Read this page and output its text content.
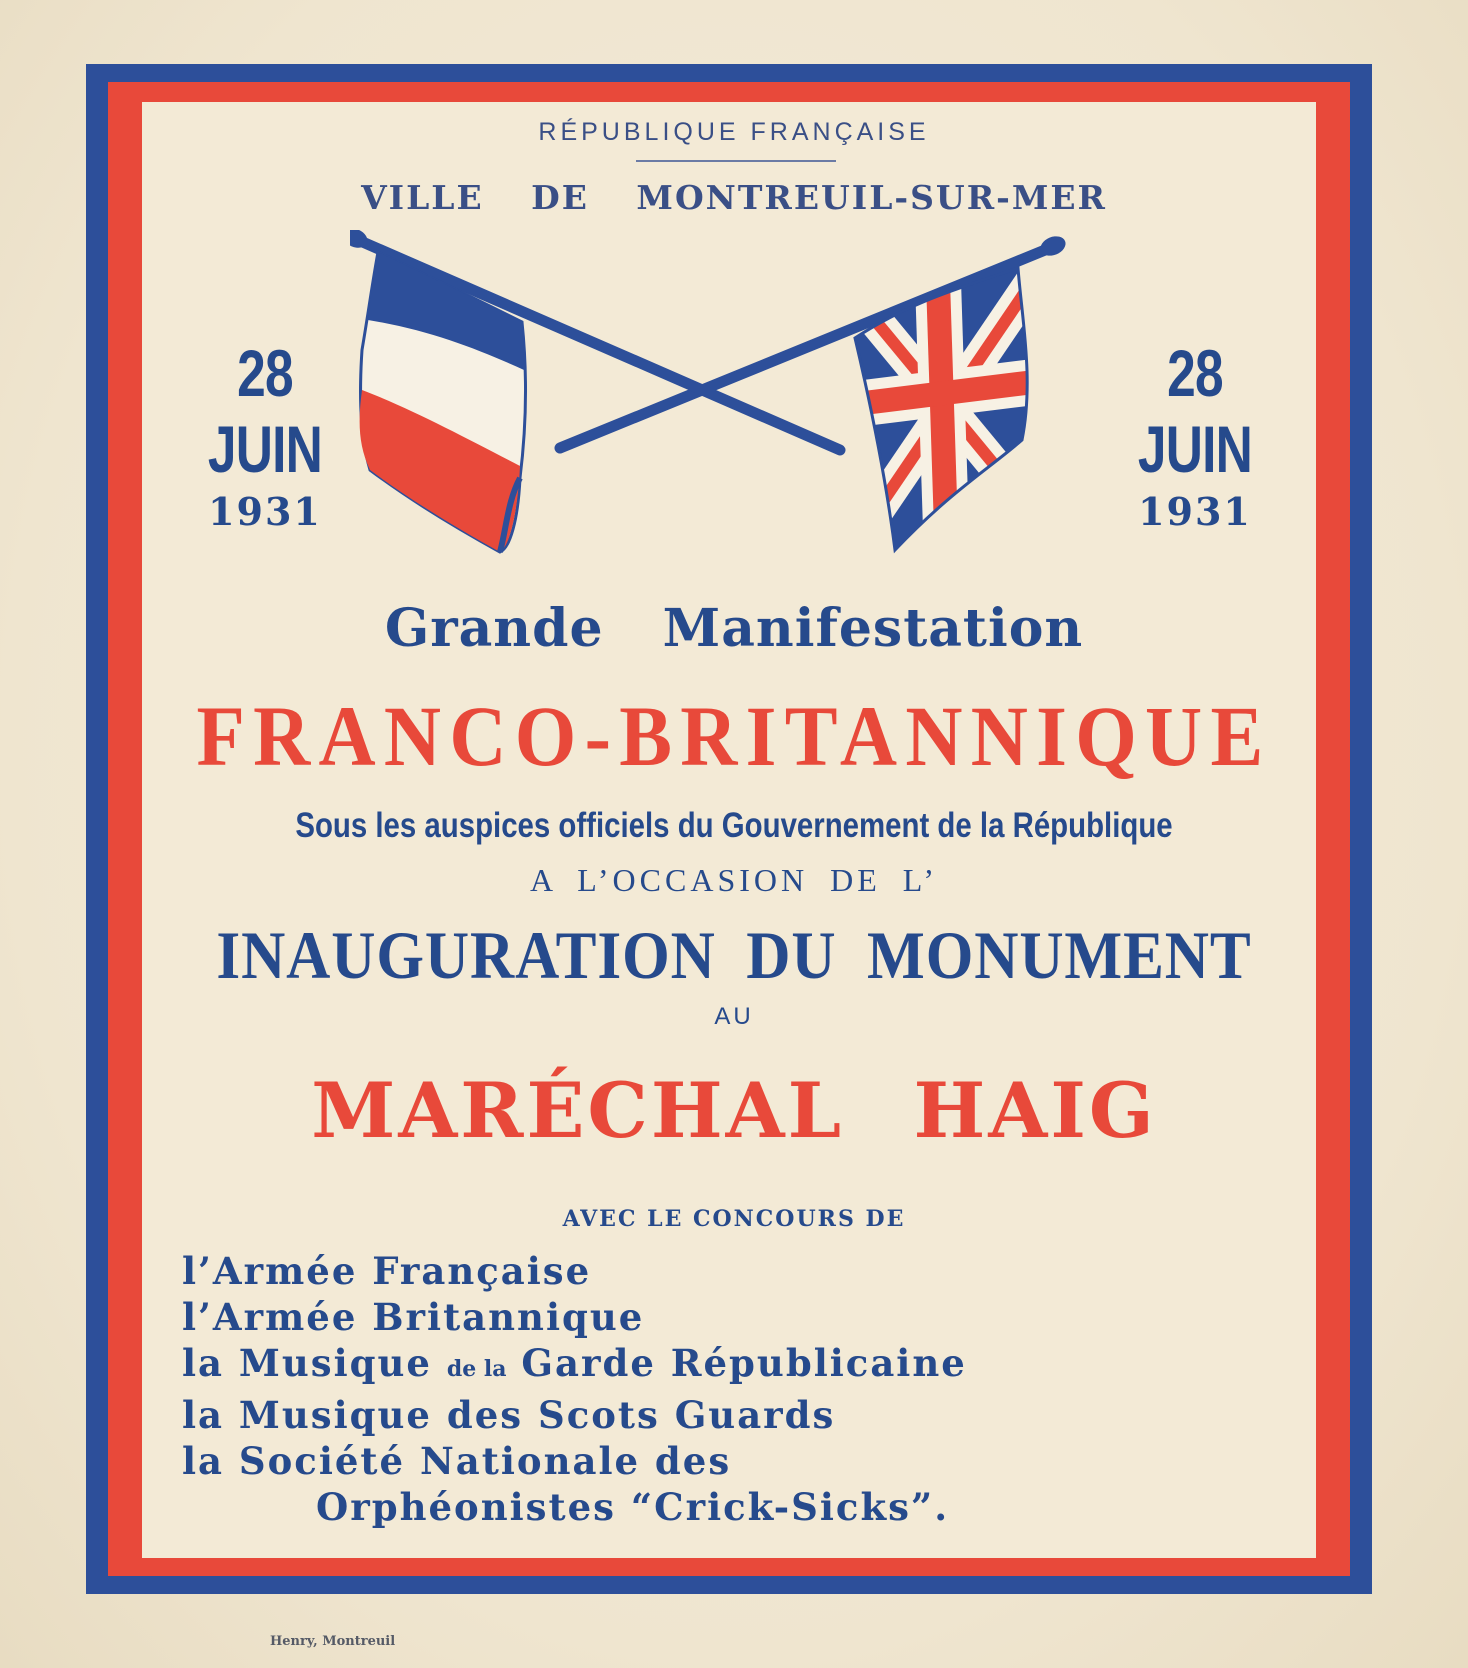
RÉPUBLIQUE FRANÇAISE
VILLE DE MONTREUIL-SUR-MER
28 JUIN
1931
28 JUIN
1931
Grande Manifestation
FRANCO-BRITANNIQUE
Sous les auspices officiels du Gouvernement de la République
A L’OCCASION DE L’
INAUGURATION DU MONUMENT
AU
MARÉCHAL HAIG
AVEC LE CONCOURS DE
l’Armée Française
l’Armée Britannique
la Musique de la Garde Républicaine
la Musique des Scots Guards
la Société Nationale des
Orphéonistes “Crick-Sicks”.
Henry, Montreuil
